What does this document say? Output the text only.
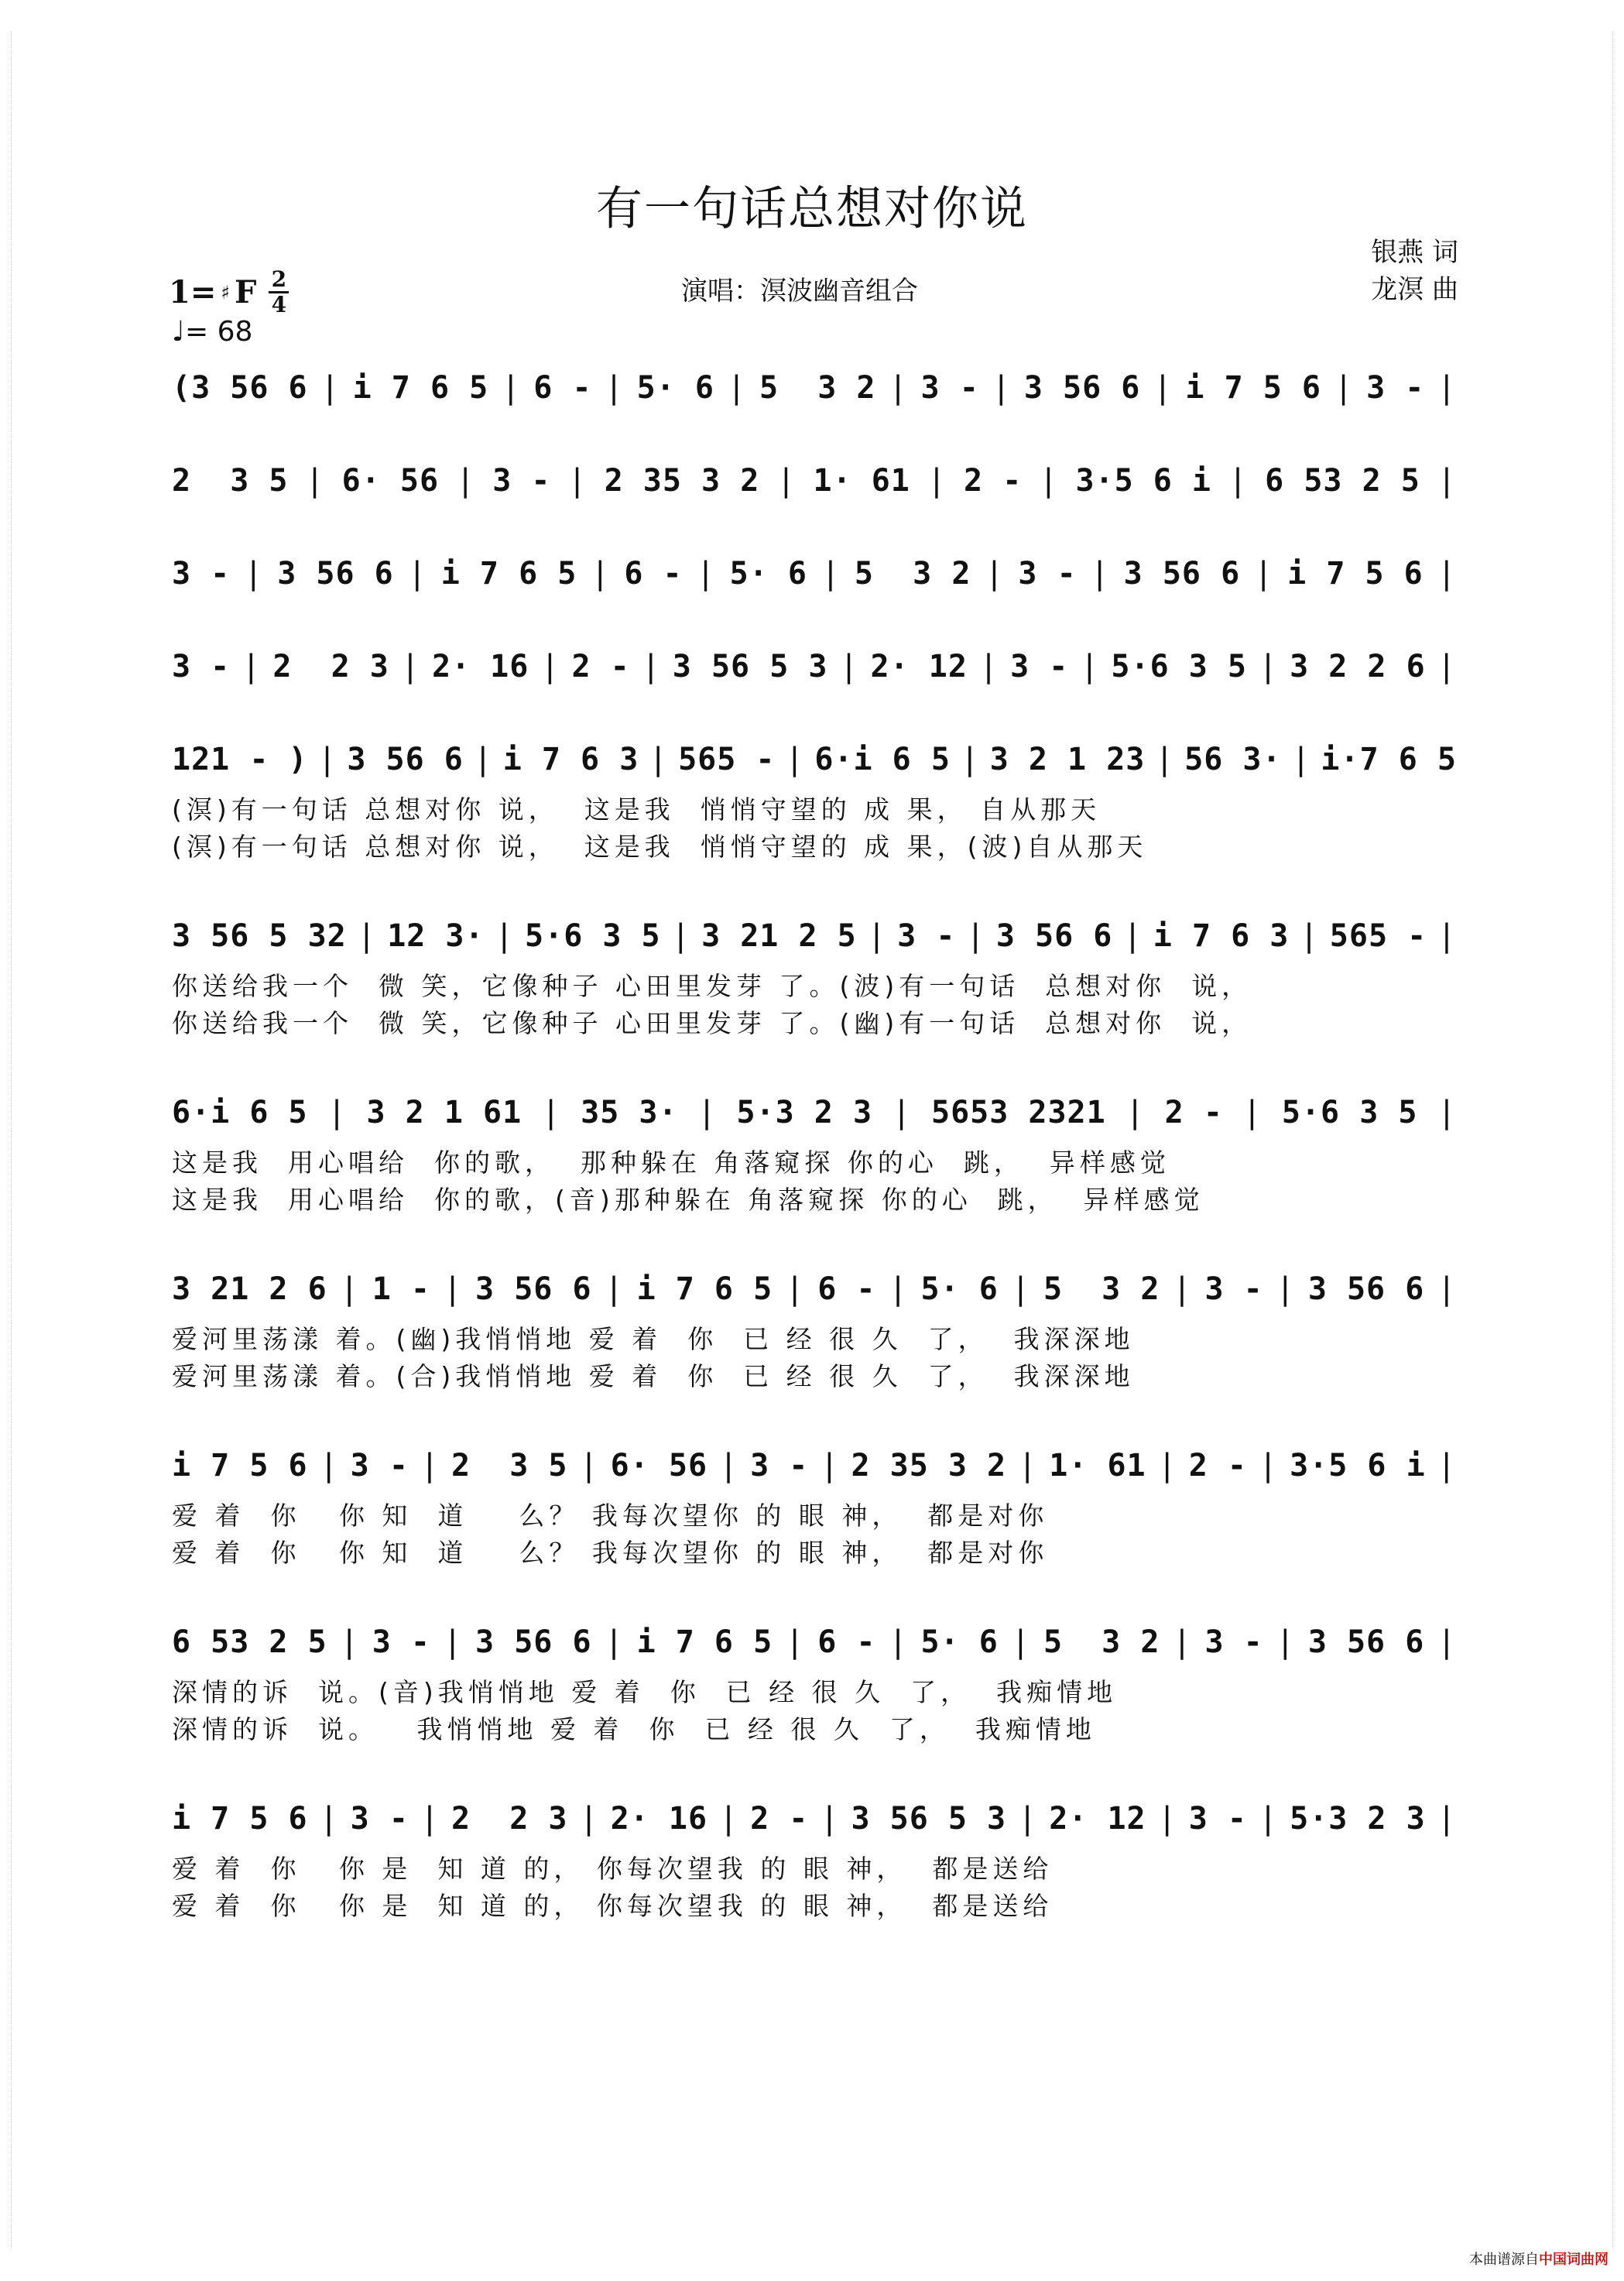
有一句话总想对你说
银燕 词
龙溟 曲
1= ♯ F 2
4
♩= 68
演唱：溟波幽音组合
(3 56 6 | i 7 6 5 | 6 - | 5· 6 | 5  3 2 | 3 - | 3 56 6 | i 7 5 6 | 3 - |
2  3 5 | 6· 56 | 3 - | 2 35 3 2 | 1· 61 | 2 - | 3·5 6 i | 6 53 2 5 |
3 - | 3 56 6 | i 7 6 5 | 6 - | 5· 6 | 5  3 2 | 3 - | 3 56 6 | i 7 5 6 |
3 - | 2  2 3 | 2· 16 | 2 - | 3 56 5 3 | 2· 12 | 3 - | 5·6 3 5 | 3 2 2 6 |
121 - ) | 3 56 6 | i 7 6 3 | 565 - | 6·i 6 5 | 3 2 1 23 | 56 3· | i·7 6 5
(溟)有一句话 总想对你 说，  这是我  悄悄守望的 成 果， 自从那天
(溟)有一句话 总想对你 说，  这是我  悄悄守望的 成 果，(波)自从那天
3 56 5 32 | 12 3· | 5·6 3 5 | 3 21 2 5 | 3 - | 3 56 6 | i 7 6 3 | 565 - |
你送给我一个  微 笑，它像种子 心田里发芽 了。(波)有一句话  总想对你  说，
你送给我一个  微 笑，它像种子 心田里发芽 了。(幽)有一句话  总想对你  说，
6·i 6 5 | 3 2 1 61 | 35 3· | 5·3 2 3 | 5653 2321 | 2 - | 5·6 3 5 |
这是我  用心唱给  你的歌，  那种躲在 角落窥探 你的心  跳，  异样感觉
这是我  用心唱给  你的歌，(音)那种躲在 角落窥探 你的心  跳，  异样感觉
3 21 2 6 | 1 - | 3 56 6 | i 7 6 5 | 6 - | 5· 6 | 5  3 2 | 3 - | 3 56 6 |
爱河里荡漾 着。(幽)我悄悄地 爱 着  你  已 经 很 久  了，  我深深地
爱河里荡漾 着。(合)我悄悄地 爱 着  你  已 经 很 久  了，  我深深地
i 7 5 6 | 3 - | 2  3 5 | 6· 56 | 3 - | 2 35 3 2 | 1· 61 | 2 - | 3·5 6 i |
爱 着  你   你 知  道    么？ 我每次望你 的 眼 神，  都是对你
爱 着  你   你 知  道    么？ 我每次望你 的 眼 神，  都是对你
6 53 2 5 | 3 - | 3 56 6 | i 7 6 5 | 6 - | 5· 6 | 5  3 2 | 3 - | 3 56 6 |
深情的诉  说。(音)我悄悄地 爱 着  你  已 经 很 久  了，  我痴情地
深情的诉  说。   我悄悄地 爱 着  你  已 经 很 久  了，  我痴情地
i 7 5 6 | 3 - | 2  2 3 | 2· 16 | 2 - | 3 56 5 3 | 2· 12 | 3 - | 5·3 2 3 |
爱 着  你   你 是  知 道 的， 你每次望我 的 眼 神，  都是送给
爱 着  你   你 是  知 道 的， 你每次望我 的 眼 神，  都是送给
本曲谱源自中国词曲网
